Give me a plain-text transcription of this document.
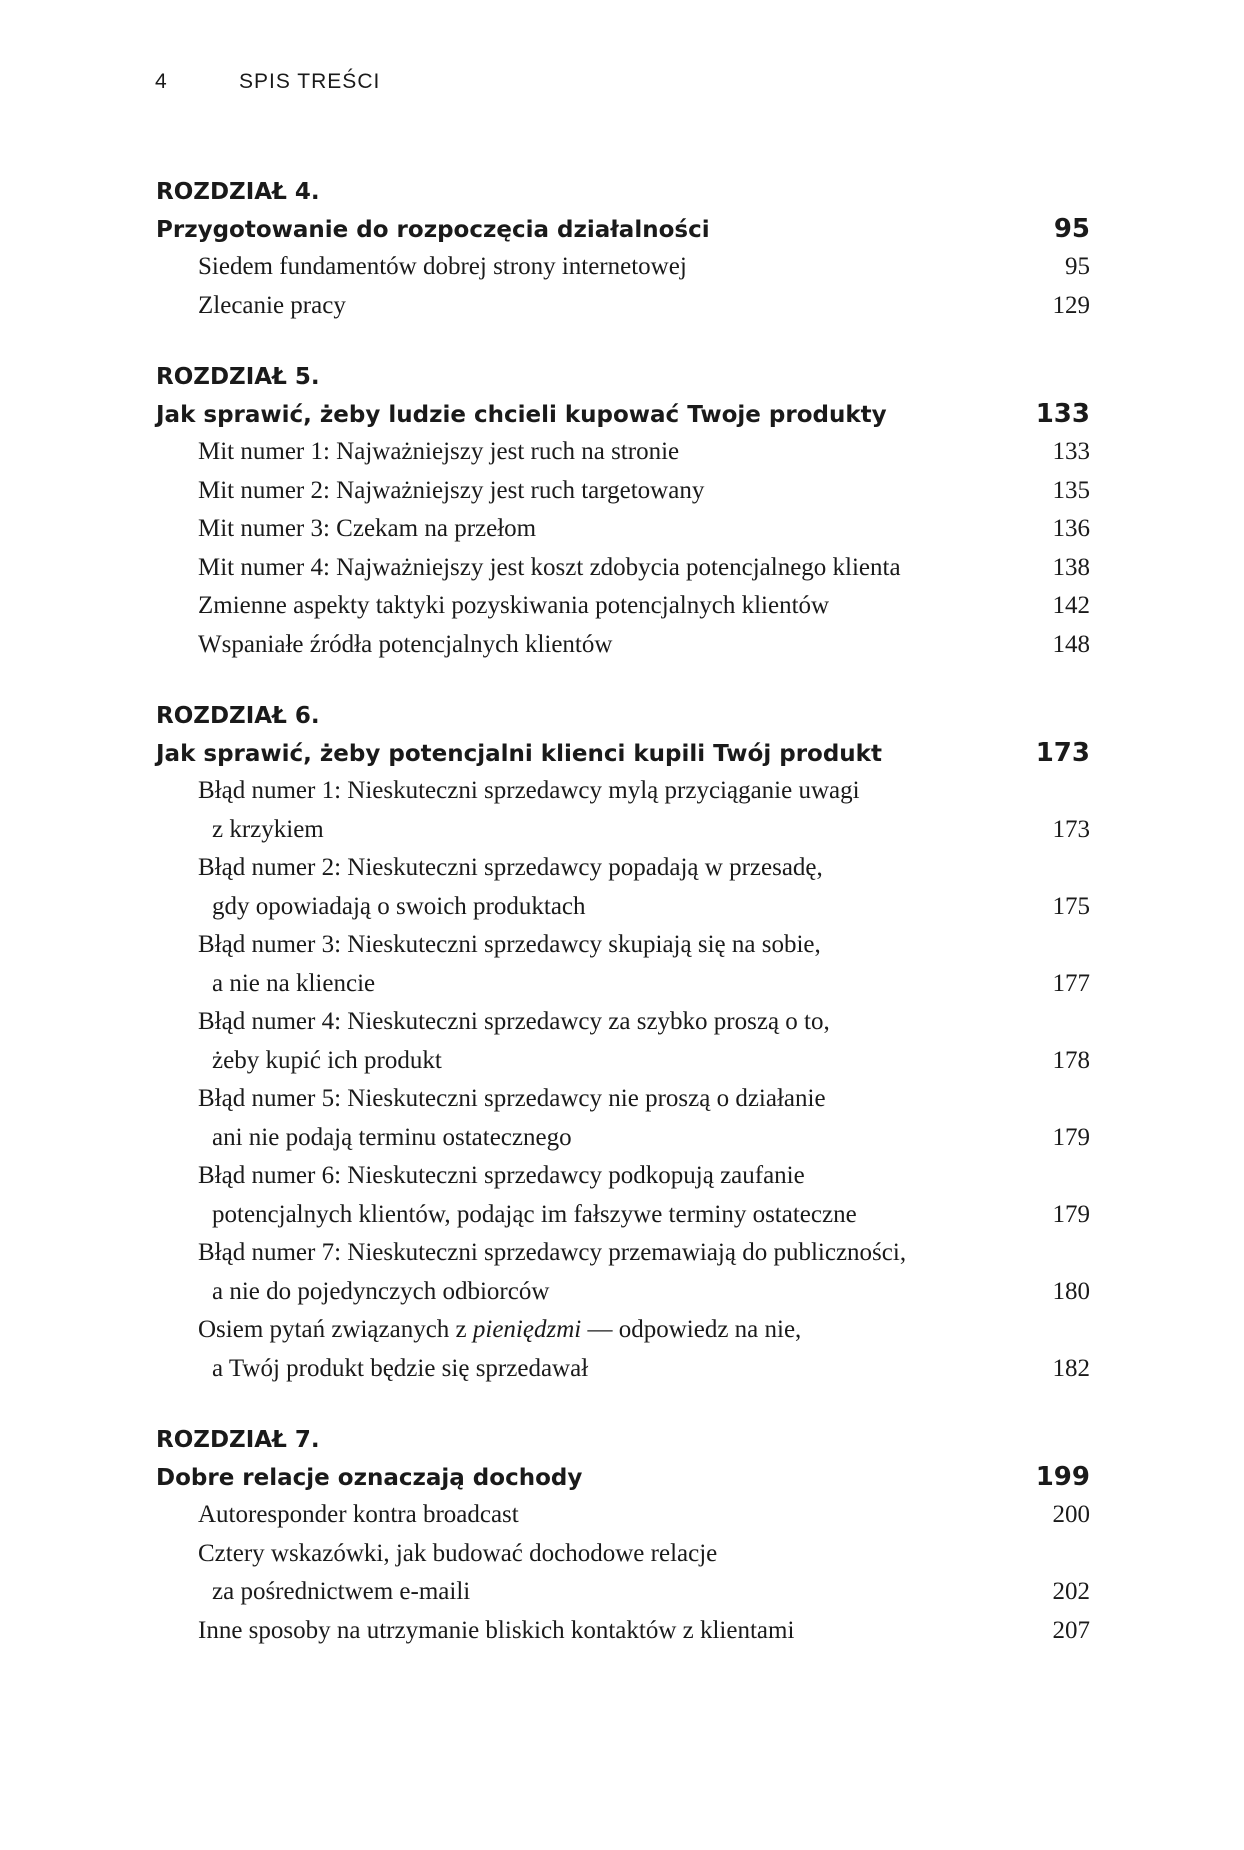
4	SPIS TREŚCI
ROZDZIAŁ 4.
Przygotowanie do rozpoczęcia działalności	95
Siedem fundamentów dobrej strony internetowej	95
Zlecanie pracy	129
ROZDZIAŁ 5.
Jak sprawić, żeby ludzie chcieli kupować Twoje produkty	133
Mit numer 1: Najważniejszy jest ruch na stronie	133
Mit numer 2: Najważniejszy jest ruch targetowany	135
Mit numer 3: Czekam na przełom	136
Mit numer 4: Najważniejszy jest koszt zdobycia potencjalnego klienta	138
Zmienne aspekty taktyki pozyskiwania potencjalnych klientów	142
Wspaniałe źródła potencjalnych klientów	148
ROZDZIAŁ 6.
Jak sprawić, żeby potencjalni klienci kupili Twój produkt	173
Błąd numer 1: Nieskuteczni sprzedawcy mylą przyciąganie uwagi
z krzykiem	173
Błąd numer 2: Nieskuteczni sprzedawcy popadają w przesadę,
gdy opowiadają o swoich produktach	175
Błąd numer 3: Nieskuteczni sprzedawcy skupiają się na sobie,
a nie na kliencie	177
Błąd numer 4: Nieskuteczni sprzedawcy za szybko proszą o to,
żeby kupić ich produkt	178
Błąd numer 5: Nieskuteczni sprzedawcy nie proszą o działanie
ani nie podają terminu ostatecznego	179
Błąd numer 6: Nieskuteczni sprzedawcy podkopują zaufanie
potencjalnych klientów, podając im fałszywe terminy ostateczne	179
Błąd numer 7: Nieskuteczni sprzedawcy przemawiają do publiczności,
a nie do pojedynczych odbiorców	180
Osiem pytań związanych z pieniędzmi — odpowiedz na nie,
a Twój produkt będzie się sprzedawał	182
ROZDZIAŁ 7.
Dobre relacje oznaczają dochody	199
Autoresponder kontra broadcast	200
Cztery wskazówki, jak budować dochodowe relacje
za pośrednictwem e-maili	202
Inne sposoby na utrzymanie bliskich kontaktów z klientami	207
